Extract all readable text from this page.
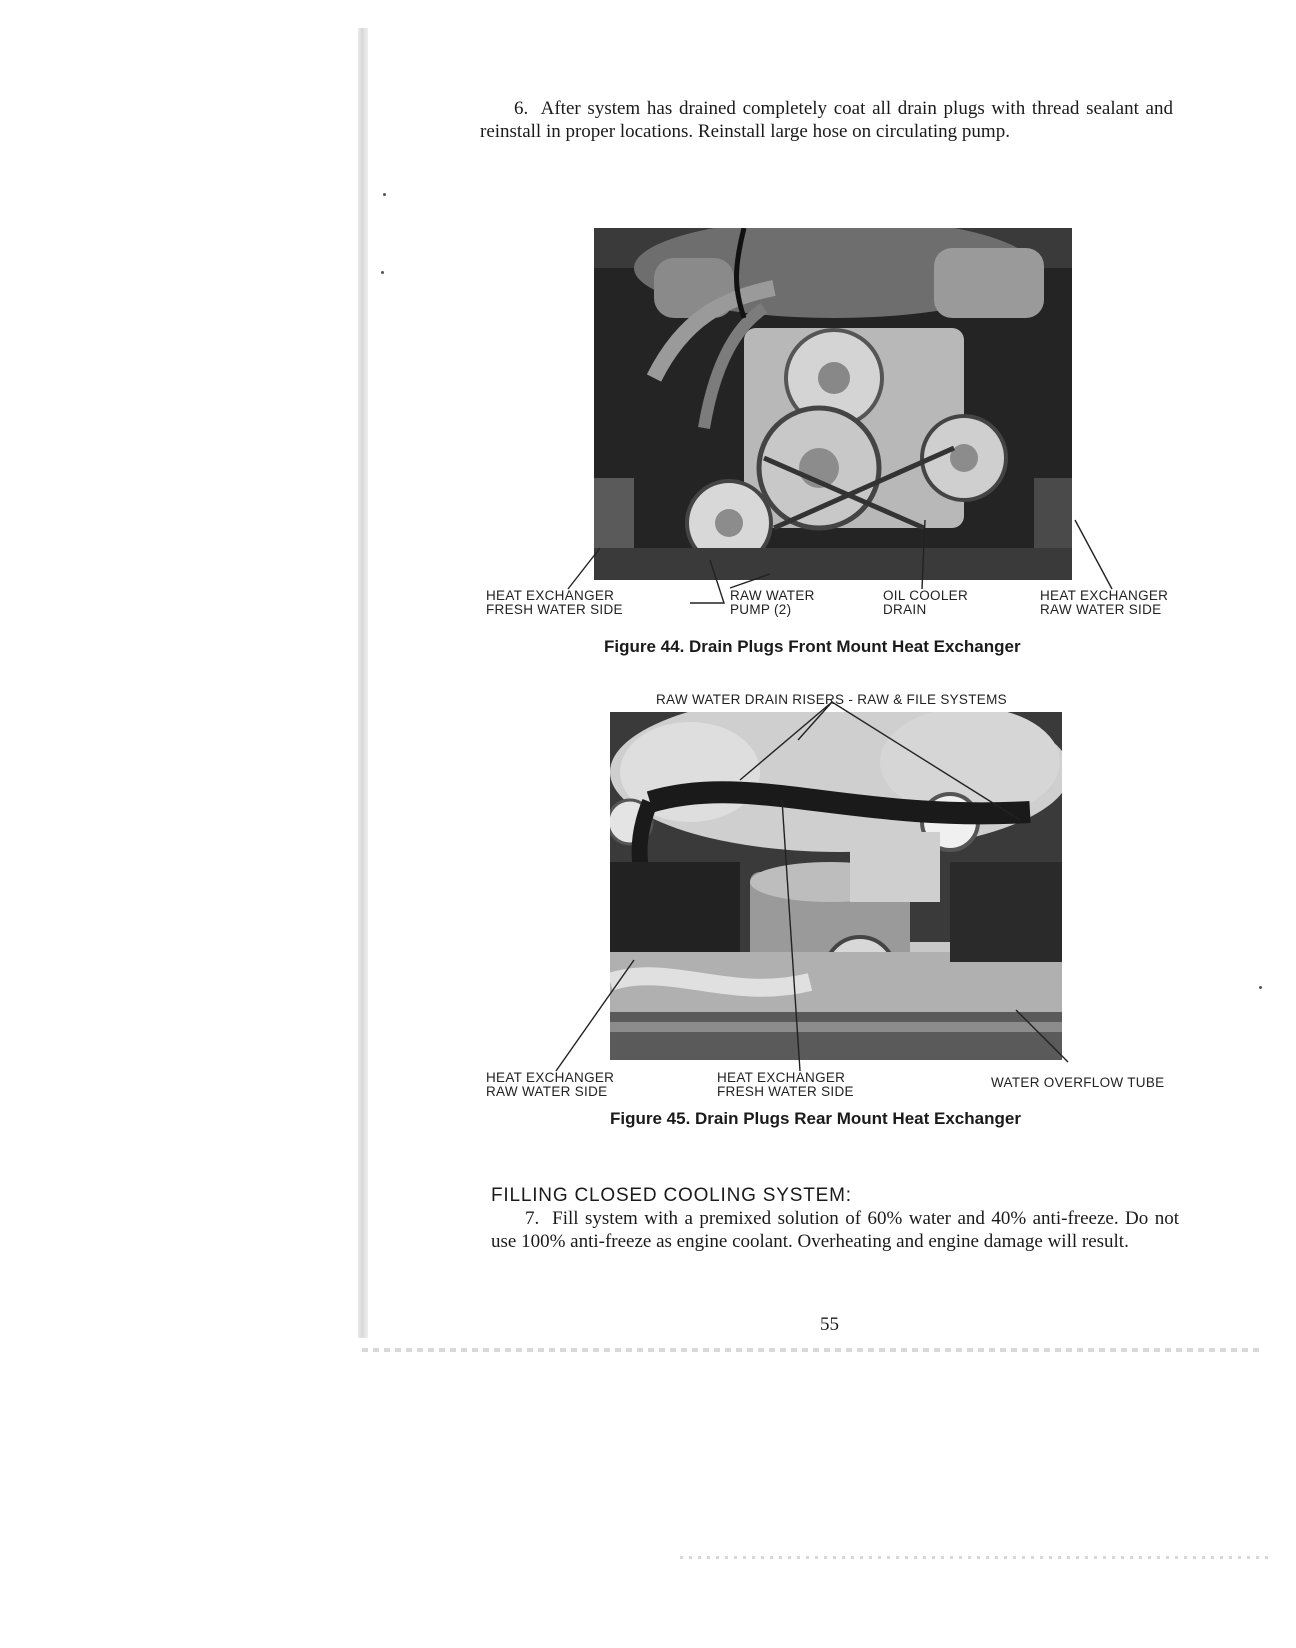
6. After system has drained completely coat all drain plugs with thread sealant and reinstall in proper locations. Reinstall large hose on circulating pump.

HEAT EXCHANGER
FRESH WATER SIDE
RAW WATER
PUMP (2)
OIL COOLER
DRAIN
HEAT EXCHANGER
RAW WATER SIDE
Figure 44. Drain Plugs Front Mount Heat Exchanger
RAW WATER DRAIN RISERS - RAW & FILE SYSTEMS
HEAT EXCHANGER
RAW WATER SIDE
HEAT EXCHANGER
FRESH WATER SIDE
WATER OVERFLOW TUBE
Figure 45. Drain Plugs Rear Mount Heat Exchanger
FILLING CLOSED COOLING SYSTEM:

7. Fill system with a premixed solution of 60% water and 40% anti-freeze. Do not use 100% anti-freeze as engine coolant. Overheating and engine damage will result.

55
